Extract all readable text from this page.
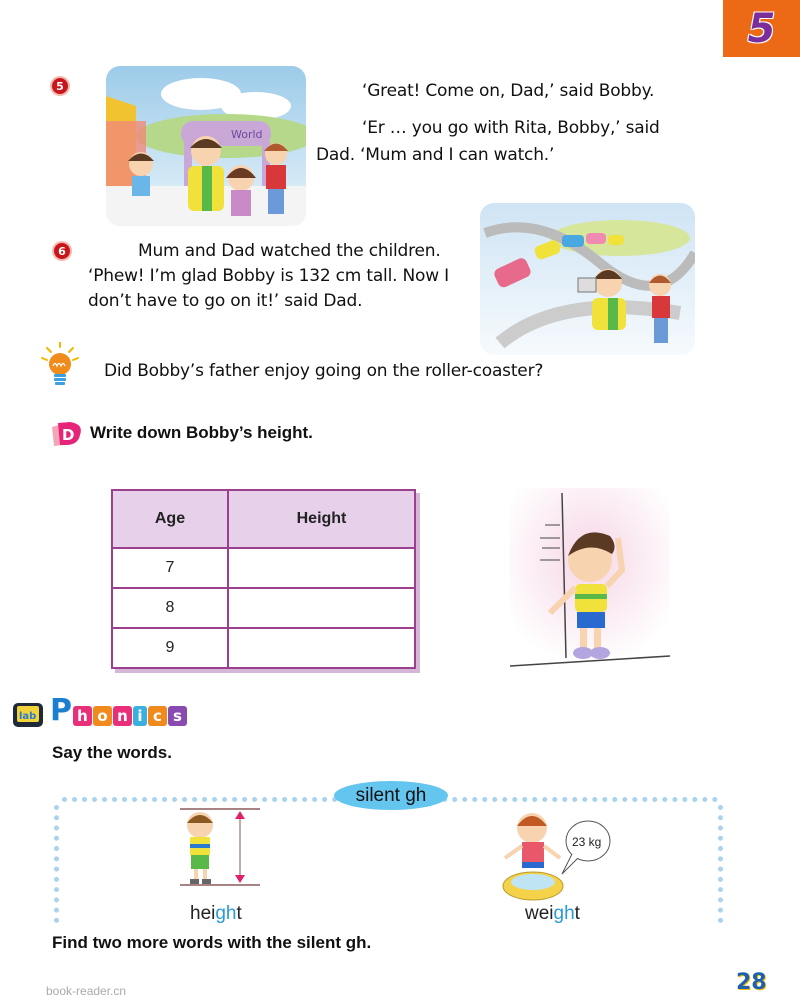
5
5
World
‘Great! Come on, Dad,’ said Bobby.
‘Er … you go with Rita, Bobby,’ said
Dad. ‘Mum and I can watch.’
6	Mum and Dad watched the children.
‘Phew! I’m glad Bobby is 132 cm tall. Now I
don’t have to go on it!’ said Dad.
Did Bobby’s father enjoy going on the roller-coaster?
D Write down Bobby’s height.
Age	Height
7	
8	
9	
lab P h o n i c s
Say the words.
silent gh
height
23 kg
weight
Find two more words with the silent gh.
book-reader.cn	28
